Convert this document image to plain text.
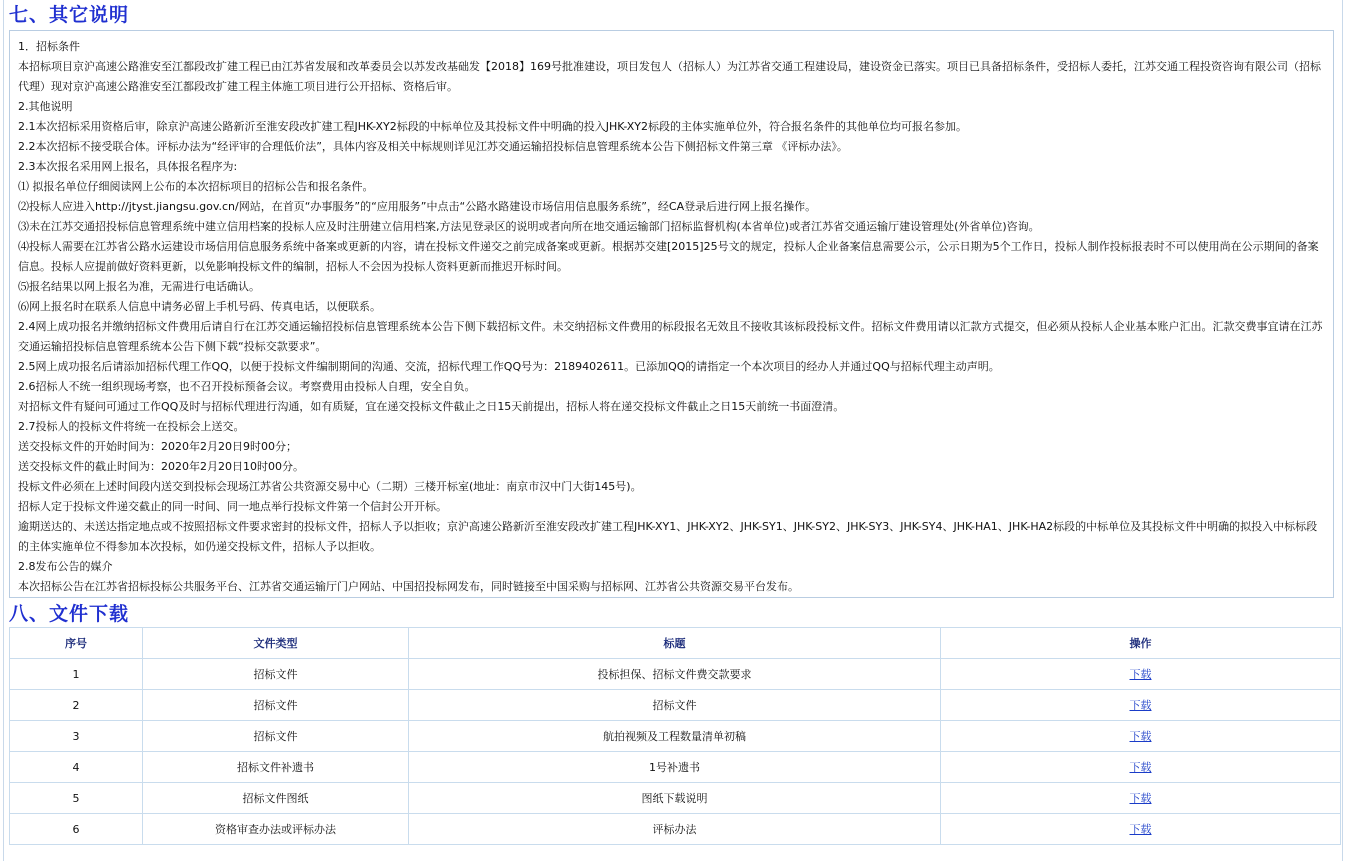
七、其它说明
1．招标条件
本招标项目京沪高速公路淮安至江都段改扩建工程已由江苏省发展和改革委员会以苏发改基础发【2018】169号批准建设，项目发包人（招标人）为江苏省交通工程建设局，建设资金已落实。项目已具备招标条件，受招标人委托，江苏交通工程投资咨询有限公司（招标代理）现对京沪高速公路淮安至江都段改扩建工程主体施工项目进行公开招标、资格后审。
2.其他说明
2.1本次招标采用资格后审，除京沪高速公路新沂至淮安段改扩建工程JHK-XY2标段的中标单位及其投标文件中明确的投入JHK-XY2标段的主体实施单位外，符合报名条件的其他单位均可报名参加。
2.2本次招标不接受联合体。评标办法为“经评审的合理低价法”，具体内容及相关中标规则详见江苏交通运输招投标信息管理系统本公告下侧招标文件第三章 《评标办法》。
2.3本次报名采用网上报名，具体报名程序为:
⑴ 拟报名单位仔细阅读网上公布的本次招标项目的招标公告和报名条件。
⑵投标人应进入http://jtyst.jiangsu.gov.cn/网站，在首页“办事服务”的“应用服务”中点击“公路水路建设市场信用信息服务系统”，经CA登录后进行网上报名操作。
⑶未在江苏交通招投标信息管理系统中建立信用档案的投标人应及时注册建立信用档案,方法见登录区的说明或者向所在地交通运输部门招标监督机构(本省单位)或者江苏省交通运输厅建设管理处(外省单位)咨询。
⑷投标人需要在江苏省公路水运建设市场信用信息服务系统中备案或更新的内容，请在投标文件递交之前完成备案或更新。根据苏交建[2015]25号文的规定，投标人企业备案信息需要公示，公示日期为5个工作日，投标人制作投标报表时不可以使用尚在公示期间的备案信息。投标人应提前做好资料更新，以免影响投标文件的编制，招标人不会因为投标人资料更新而推迟开标时间。
⑸报名结果以网上报名为准，无需进行电话确认。
⑹网上报名时在联系人信息中请务必留上手机号码、传真电话，以便联系。
2.4网上成功报名并缴纳招标文件费用后请自行在江苏交通运输招投标信息管理系统本公告下侧下载招标文件。未交纳招标文件费用的标段报名无效且不接收其该标段投标文件。招标文件费用请以汇款方式提交，但必须从投标人企业基本账户汇出。汇款交费事宜请在江苏交通运输招投标信息管理系统本公告下侧下载“投标交款要求”。
2.5网上成功报名后请添加招标代理工作QQ，以便于投标文件编制期间的沟通、交流，招标代理工作QQ号为：2189402611。已添加QQ的请指定一个本次项目的经办人并通过QQ与招标代理主动声明。
2.6招标人不统一组织现场考察，也不召开投标预备会议。考察费用由投标人自理，安全自负。
对招标文件有疑问可通过工作QQ及时与招标代理进行沟通，如有质疑，宜在递交投标文件截止之日15天前提出，招标人将在递交投标文件截止之日15天前统一书面澄清。
2.7投标人的投标文件将统一在投标会上送交。
送交投标文件的开始时间为：2020年2月20日9时00分；
送交投标文件的截止时间为：2020年2月20日10时00分。
投标文件必须在上述时间段内送交到投标会现场江苏省公共资源交易中心（二期）三楼开标室(地址：南京市汉中门大街145号)。
招标人定于投标文件递交截止的同一时间、同一地点举行投标文件第一个信封公开开标。
逾期送达的、未送达指定地点或不按照招标文件要求密封的投标文件，招标人予以拒收；京沪高速公路新沂至淮安段改扩建工程JHK-XY1、JHK-XY2、JHK-SY1、JHK-SY2、JHK-SY3、JHK-SY4、JHK-HA1、JHK-HA2标段的中标单位及其投标文件中明确的拟投入中标标段的主体实施单位不得参加本次投标，如仍递交投标文件，招标人予以拒收。
2.8发布公告的媒介
本次招标公告在江苏省招标投标公共服务平台、江苏省交通运输厅门户网站、中国招投标网发布，同时链接至中国采购与招标网、江苏省公共资源交易平台发布。
八、文件下载
序号	文件类型	标题	操作
1	招标文件	投标担保、招标文件费交款要求	下载
2	招标文件	招标文件	下载
3	招标文件	航拍视频及工程数量清单初稿	下载
4	招标文件补遗书	1号补遗书	下载
5	招标文件图纸	图纸下载说明	下载
6	资格审查办法或评标办法	评标办法	下载
